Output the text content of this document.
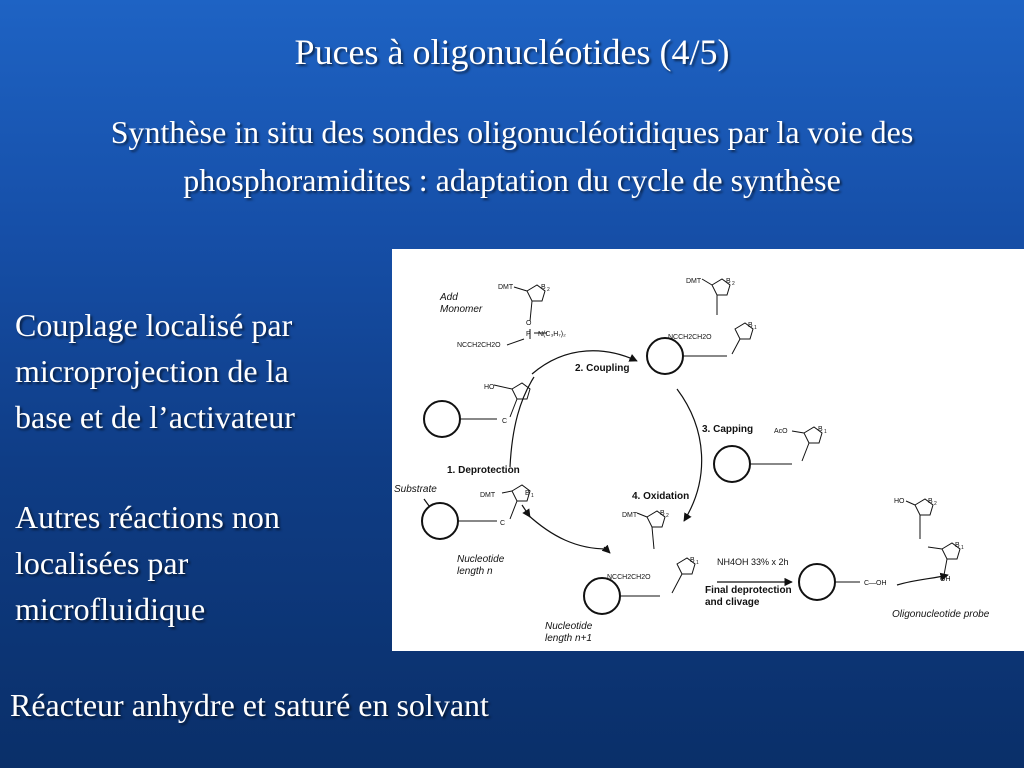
Puces à oligonucléotides (4/5)
Synthèse in situ des sondes oligonucléotidiques par la voie des
phosphoramidites : adaptation du cycle de synthèse
Couplage localisé par
microprojection de la
base et de l’activateur
Autres réactions non
localisées par
microfluidique
Réacteur anhydre et saturé en solvant
2. Coupling
3. Capping
1. Deprotection
4. Oxidation
Add
Monomer
Substrate
Nucleotide
length n
Nucleotide
length n+1
Oligonucleotide probe
NH4OH 33% x 2h
Final deprotection
and clivage
DMT	B 2
O
P N(C₃H₇)₂
NCCH2CH2O
HO
C
DMT	B 1
C
DMT	B 2
NCCH2CH2O
B 1
AcO	B 1
DMT	B 2
NCCH2CH2O
B 1
C—OH
HO	B 2
B 1
OH
